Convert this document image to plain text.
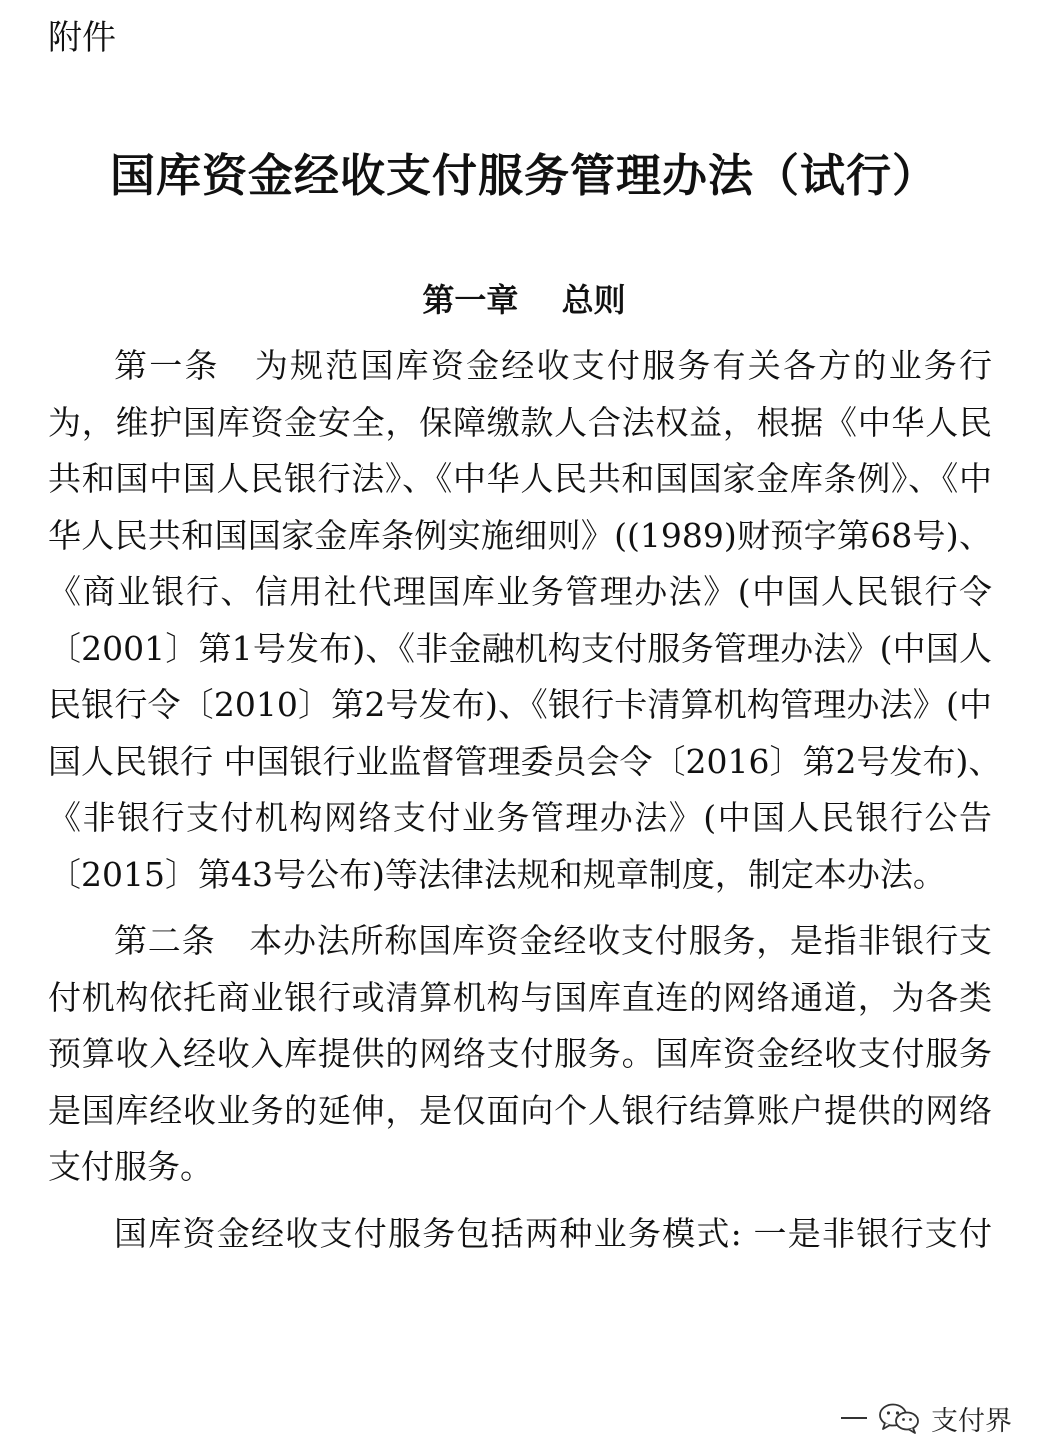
附件
国库资金经收支付服务管理办法（试行）
第一章　 总则
第一条　为规范国库资金经收支付服务有关各方的业务行
为，维护国库资金安全，保障缴款人合法权益，根据《中华人民
共和国中国人民银行法》、《中华人民共和国国家金库条例》、《中
华人民共和国国家金库条例实施细则》((1989)财预字第68号)、
《商业银行、信用社代理国库业务管理办法》(中国人民银行令
〔2001〕第1号发布)、《非金融机构支付服务管理办法》(中国人
民银行令〔2010〕第2号发布)、《银行卡清算机构管理办法》(中
国人民银行 中国银行业监督管理委员会令〔2016〕第2号发布)、
《非银行支付机构网络支付业务管理办法》(中国人民银行公告
〔2015〕第43号公布)等法律法规和规章制度，制定本办法。
第二条　本办法所称国库资金经收支付服务，是指非银行支
付机构依托商业银行或清算机构与国库直连的网络通道，为各类
预算收入经收入库提供的网络支付服务。国库资金经收支付服务
是国库经收业务的延伸，是仅面向个人银行结算账户提供的网络
支付服务。
国库资金经收支付服务包括两种业务模式: 一是非银行支付
支付界
